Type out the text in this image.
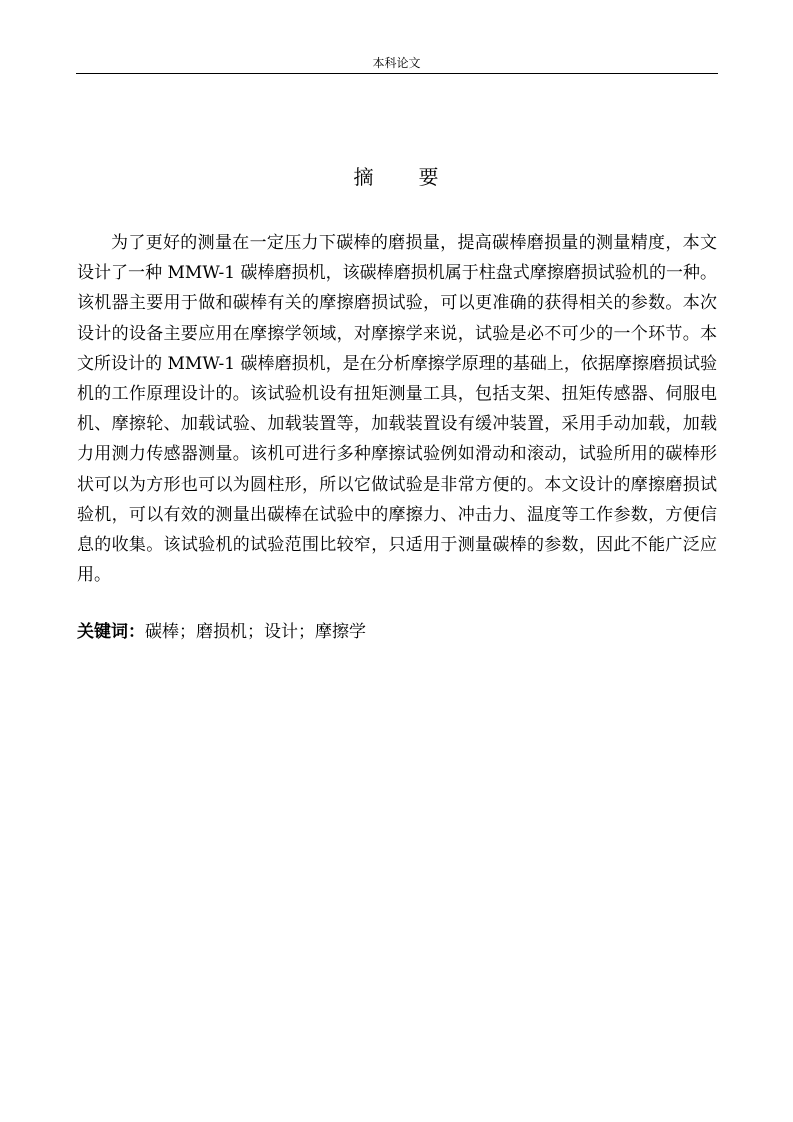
本科论文
摘 要

为了更好的测量在一定压力下碳棒的磨损量，提高碳棒磨损量的测量精度，本文设计了一种 MMW-1 碳棒磨损机，该碳棒磨损机属于柱盘式摩擦磨损试验机的一种。该机器主要用于做和碳棒有关的摩擦磨损试验，可以更准确的获得相关的参数。本次设计的设备主要应用在摩擦学领域，对摩擦学来说，试验是必不可少的一个环节。本文所设计的 MMW-1 碳棒磨损机，是在分析摩擦学原理的基础上，依据摩擦磨损试验机的工作原理设计的。该试验机设有扭矩测量工具，包括支架、扭矩传感器、伺服电机、摩擦轮、加载试验、加载装置等，加载装置设有缓冲装置，采用手动加载，加载力用测力传感器测量。该机可进行多种摩擦试验例如滑动和滚动，试验所用的碳棒形状可以为方形也可以为圆柱形，所以它做试验是非常方便的。本文设计的摩擦磨损试验机，可以有效的测量出碳棒在试验中的摩擦力、冲击力、温度等工作参数，方便信息的收集。该试验机的试验范围比较窄，只适用于测量碳棒的参数，因此不能广泛应用。

关键词：碳棒；磨损机；设计；摩擦学
